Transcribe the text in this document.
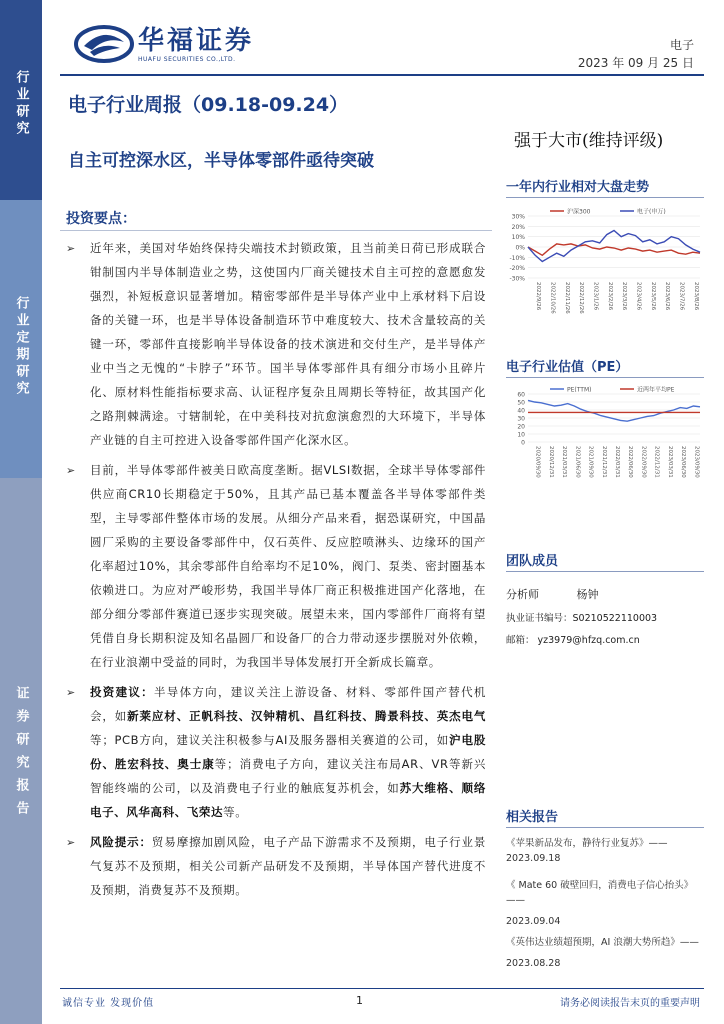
行业研究
行业定期研究
证券研究报告
华福证券
HUAFU SECURITIES CO.,LTD.
电子
2023 年 09 月 25 日
电子行业周报（09.18-09.24）
自主可控深水区，半导体零部件亟待突破
强于大市(维持评级)
投资要点：
➢	近年来，美国对华始终保持尖端技术封锁政策，且当前美日荷已形成联合钳制国内半导体制造业之势，这使国内厂商关键技术自主可控的意愿愈发强烈，补短板意识显著增加。精密零部件是半导体产业中上承材料下启设备的关键一环，也是半导体设备制造环节中难度较大、技术含量较高的关键一环，零部件直接影响半导体设备的技术演进和交付生产，是半导体产业中当之无愧的“卡脖子”环节。国半导体零部件具有细分市场小且碎片化、原材料性能指标要求高、认证程序复杂且周期长等特征，故其国产化之路荆棘满途。寸辖制轮，在中美科技对抗愈演愈烈的大环境下，半导体产业链的自主可控进入设备零部件国产化深水区。

➢	目前，半导体零部件被美日欧高度垄断。据VLSI数据，全球半导体零部件供应商CR10长期稳定于50%，且其产品已基本覆盖各半导体零部件类型，主导零部件整体市场的发展。从细分产品来看，据恐谋研究，中国晶圆厂采购的主要设备零部件中，仅石英件、反应腔喷淋头、边缘环的国产化率超过10%，其余零部件自给率均不足10%，阀门、泵类、密封圈基本依赖进口。为应对严峻形势，我国半导体厂商正积极推进国产化落地，在部分细分零部件赛道已逐步实现突破。展望未来，国内零部件厂商将有望凭借自身长期积淀及知名晶圆厂和设备厂的合力带动逐步摆脱对外依赖，在行业浪潮中受益的同时，为我国半导体发展打开全新成长篇章。

➢	投资建议：半导体方向，建议关注上游设备、材料、零部件国产替代机会，如新莱应材、正帆科技、汉钟精机、昌红科技、腾景科技、英杰电气等；PCB方向，建议关注积极参与AI及服务器相关赛道的公司，如沪电股份、胜宏科技、奥士康等；消费电子方向，建议关注布局AR、VR等新兴智能终端的公司，以及消费电子行业的触底复苏机会，如苏大维格、顺络电子、风华高科、飞荣达等。

➢	风险提示：贸易摩擦加剧风险，电子产品下游需求不及预期，电子行业景气复苏不及预期，相关公司新产品研发不及预期，半导体国产替代进度不及预期，消费复苏不及预期。

一年内行业相对大盘走势
30%
20%
10%
0%
-10%
-20%
-30%
2022/9/26 2022/10/26 2022/11/26 2022/12/26 2023/1/26 2023/2/26 2023/3/26 2023/4/26 2023/5/26 2023/6/26 2023/7/26 2023/8/26
沪深300	电子(申万)
电子行业估值（PE）
60
50
40
30
20
10
0
2020/09/30 2020/12/31 2021/03/31 2021/06/30 2021/09/30 2021/12/31 2022/03/31 2022/06/30 2022/09/30 2022/12/31 2023/03/31 2023/06/30 2023/09/30
PE(TTM)	近两年平均PE
团队成员
分析师	杨钟
执业证书编号：S0210522110003
邮箱： yz3979@hfzq.com.cn
相关报告
《苹果新品发布，静待行业复苏》——2023.09.18
《 Mate 60 破壁回归，消费电子信心抬头》——
2023.09.04
《英伟达业绩超预期，AI 浪潮大势所趋》——
2023.08.28
诚信专业 发现价值	1	请务必阅读报告末页的重要声明
